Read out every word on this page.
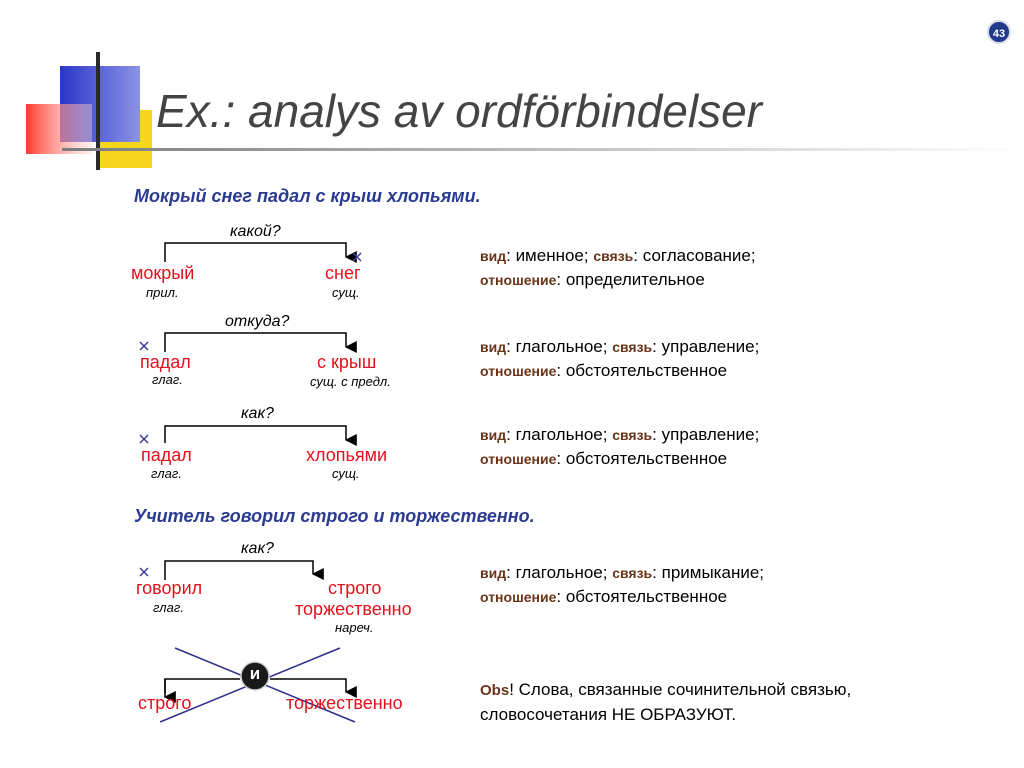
43
Ex.: analys av ordförbindelser
Мокрый снег падал с крыш хлопьями.
Учитель говорил строго и торжественно.
какой?
мокрый
прил.
снег
сущ.
откуда?
падал
глаг.
с крыш
сущ. с предл.
как?
падал
глаг.
хлопьями
сущ.
как?
говорил
глаг.
строго
торжественно
нареч.
и
строго	торжественно
вид: именное; связь: согласование;
отношение: определительное
вид: глагольное; связь: управление;
отношение: обстоятельственное
вид: глагольное; связь: управление;
отношение: обстоятельственное
вид: глагольное; связь: примыкание;
отношение: обстоятельственное
Obs! Слова, связанные сочинительной связью,
словосочетания НЕ ОБРАЗУЮТ.
